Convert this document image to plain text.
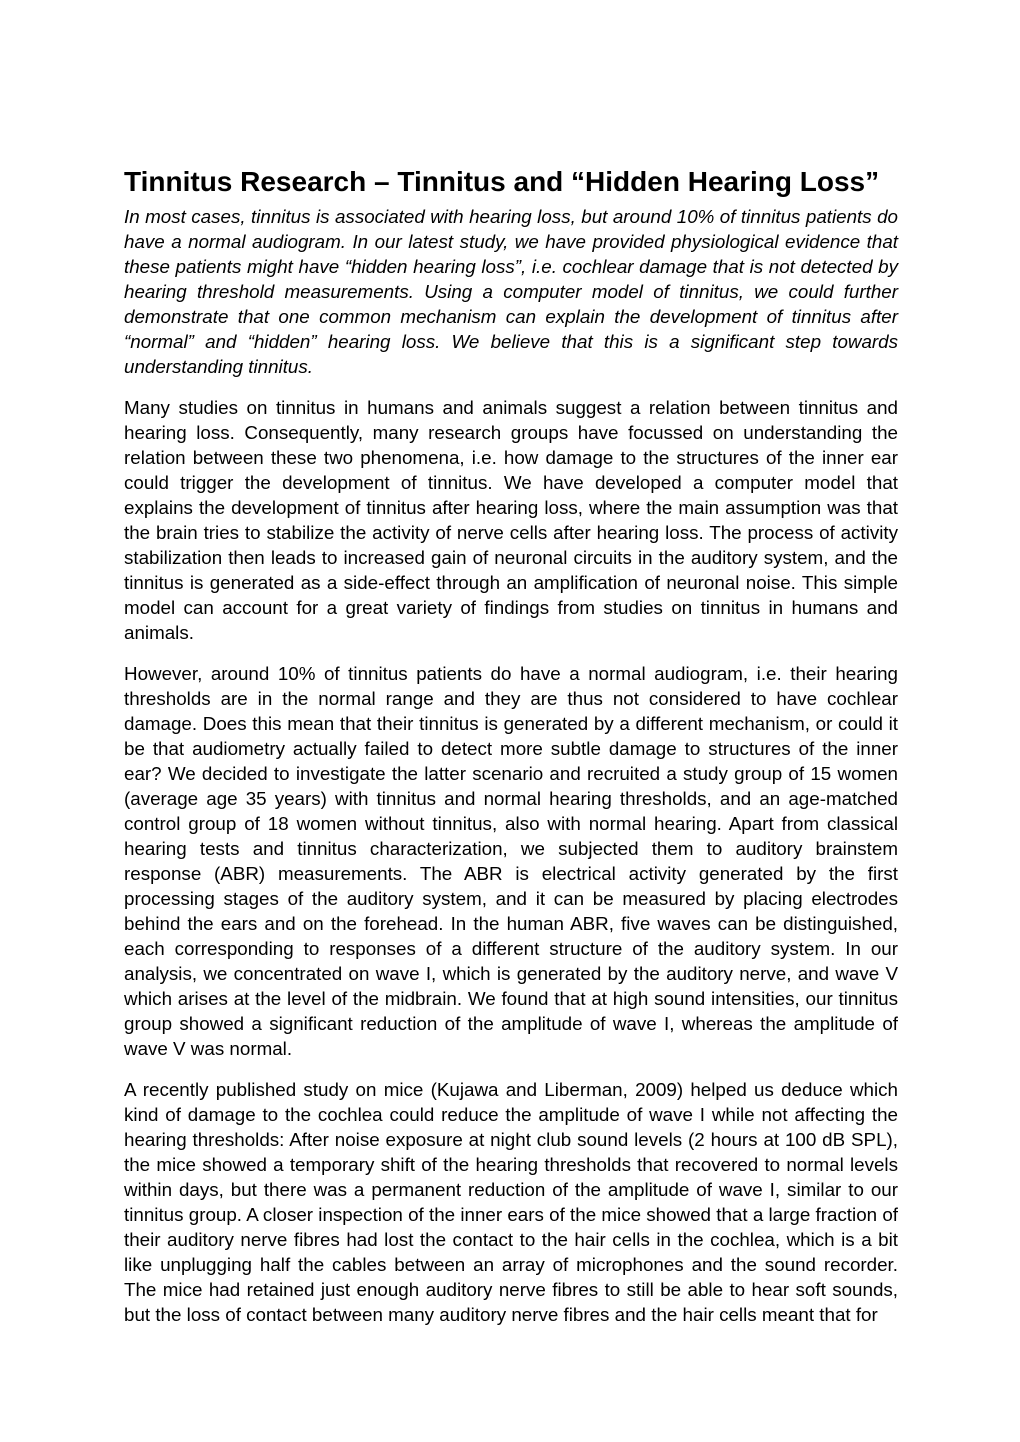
Tinnitus Research – Tinnitus and “Hidden Hearing Loss”

In most cases, tinnitus is associated with hearing loss, but around 10% of tinnitus patients do have a normal audiogram. In our latest study, we have provided physiological evidence that these patients might have “hidden hearing loss”, i.e. cochlear damage that is not detected by hearing threshold measurements. Using a computer model of tinnitus, we could further demonstrate that one common mechanism can explain the development of tinnitus after “normal” and “hidden” hearing loss. We believe that this is a significant step towards understanding tinnitus.

Many studies on tinnitus in humans and animals suggest a relation between tinnitus and hearing loss. Consequently, many research groups have focussed on understanding the relation between these two phenomena, i.e. how damage to the structures of the inner ear could trigger the development of tinnitus. We have developed a computer model that explains the development of tinnitus after hearing loss, where the main assumption was that the brain tries to stabilize the activity of nerve cells after hearing loss. The process of activity stabilization then leads to increased gain of neuronal circuits in the auditory system, and the tinnitus is generated as a side-effect through an amplification of neuronal noise. This simple model can account for a great variety of findings from studies on tinnitus in humans and animals.

However, around 10% of tinnitus patients do have a normal audiogram, i.e. their hearing thresholds are in the normal range and they are thus not considered to have cochlear damage. Does this mean that their tinnitus is generated by a different mechanism, or could it be that audiometry actually failed to detect more subtle damage to structures of the inner ear? We decided to investigate the latter scenario and recruited a study group of 15 women (average age 35 years) with tinnitus and normal hearing thresholds, and an age-matched control group of 18 women without tinnitus, also with normal hearing. Apart from classical hearing tests and tinnitus characterization, we subjected them to auditory brainstem response (ABR) measurements. The ABR is electrical activity generated by the first processing stages of the auditory system, and it can be measured by placing electrodes behind the ears and on the forehead. In the human ABR, five waves can be distinguished, each corresponding to responses of a different structure of the auditory system. In our analysis, we concentrated on wave I, which is generated by the auditory nerve, and wave V which arises at the level of the midbrain. We found that at high sound intensities, our tinnitus group showed a significant reduction of the amplitude of wave I, whereas the amplitude of wave V was normal.

A recently published study on mice (Kujawa and Liberman, 2009) helped us deduce which kind of damage to the cochlea could reduce the amplitude of wave I while not affecting the hearing thresholds: After noise exposure at night club sound levels (2 hours at 100 dB SPL), the mice showed a temporary shift of the hearing thresholds that recovered to normal levels within days, but there was a permanent reduction of the amplitude of wave I, similar to our tinnitus group. A closer inspection of the inner ears of the mice showed that a large fraction of their auditory nerve fibres had lost the contact to the hair cells in the cochlea, which is a bit like unplugging half the cables between an array of microphones and the sound recorder. The mice had retained just enough auditory nerve fibres to still be able to hear soft sounds, but the loss of contact between many auditory nerve fibres and the hair cells meant that for
